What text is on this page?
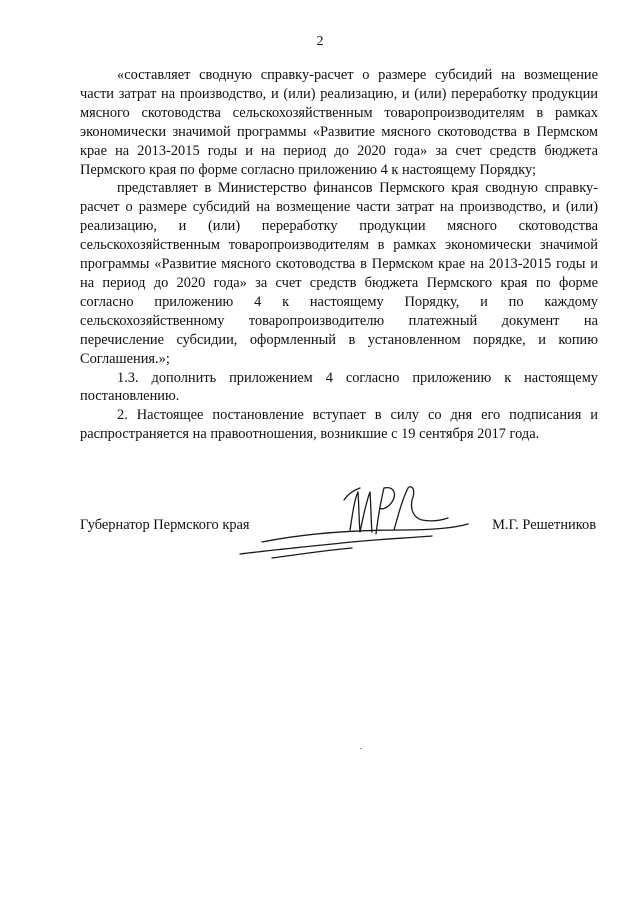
2

«составляет сводную справку-расчет о размере субсидий на возмещение части затрат на производство, и (или) реализацию, и (или) переработку продукции мясного скотоводства сельскохозяйственным товаропроизводителям в рамках экономически значимой программы «Развитие мясного скотоводства в Пермском крае на 2013-2015 годы и на период до 2020 года» за счет средств бюджета Пермского края по форме согласно приложению 4 к настоящему Порядку;

представляет в Министерство финансов Пермского края сводную справку-расчет о размере субсидий на возмещение части затрат на производство, и (или) реализацию, и (или) переработку продукции мясного скотоводства сельскохозяйственным товаропроизводителям в рамках экономически значимой программы «Развитие мясного скотоводства в Пермском крае на 2013-2015 годы и на период до 2020 года» за счет средств бюджета Пермского края по форме согласно приложению 4 к настоящему Порядку, и по каждому сельскохозяйственному товаропроизводителю платежный документ на перечисление субсидии, оформленный в установленном порядке, и копию Соглашения.»;

1.3. дополнить приложением 4 согласно приложению к настоящему постановлению.

2. Настоящее постановление вступает в силу со дня его подписания и распространяется на правоотношения, возникшие с 19 сентября 2017 года.

Губернатор Пермского края	М.Г. Решетников
